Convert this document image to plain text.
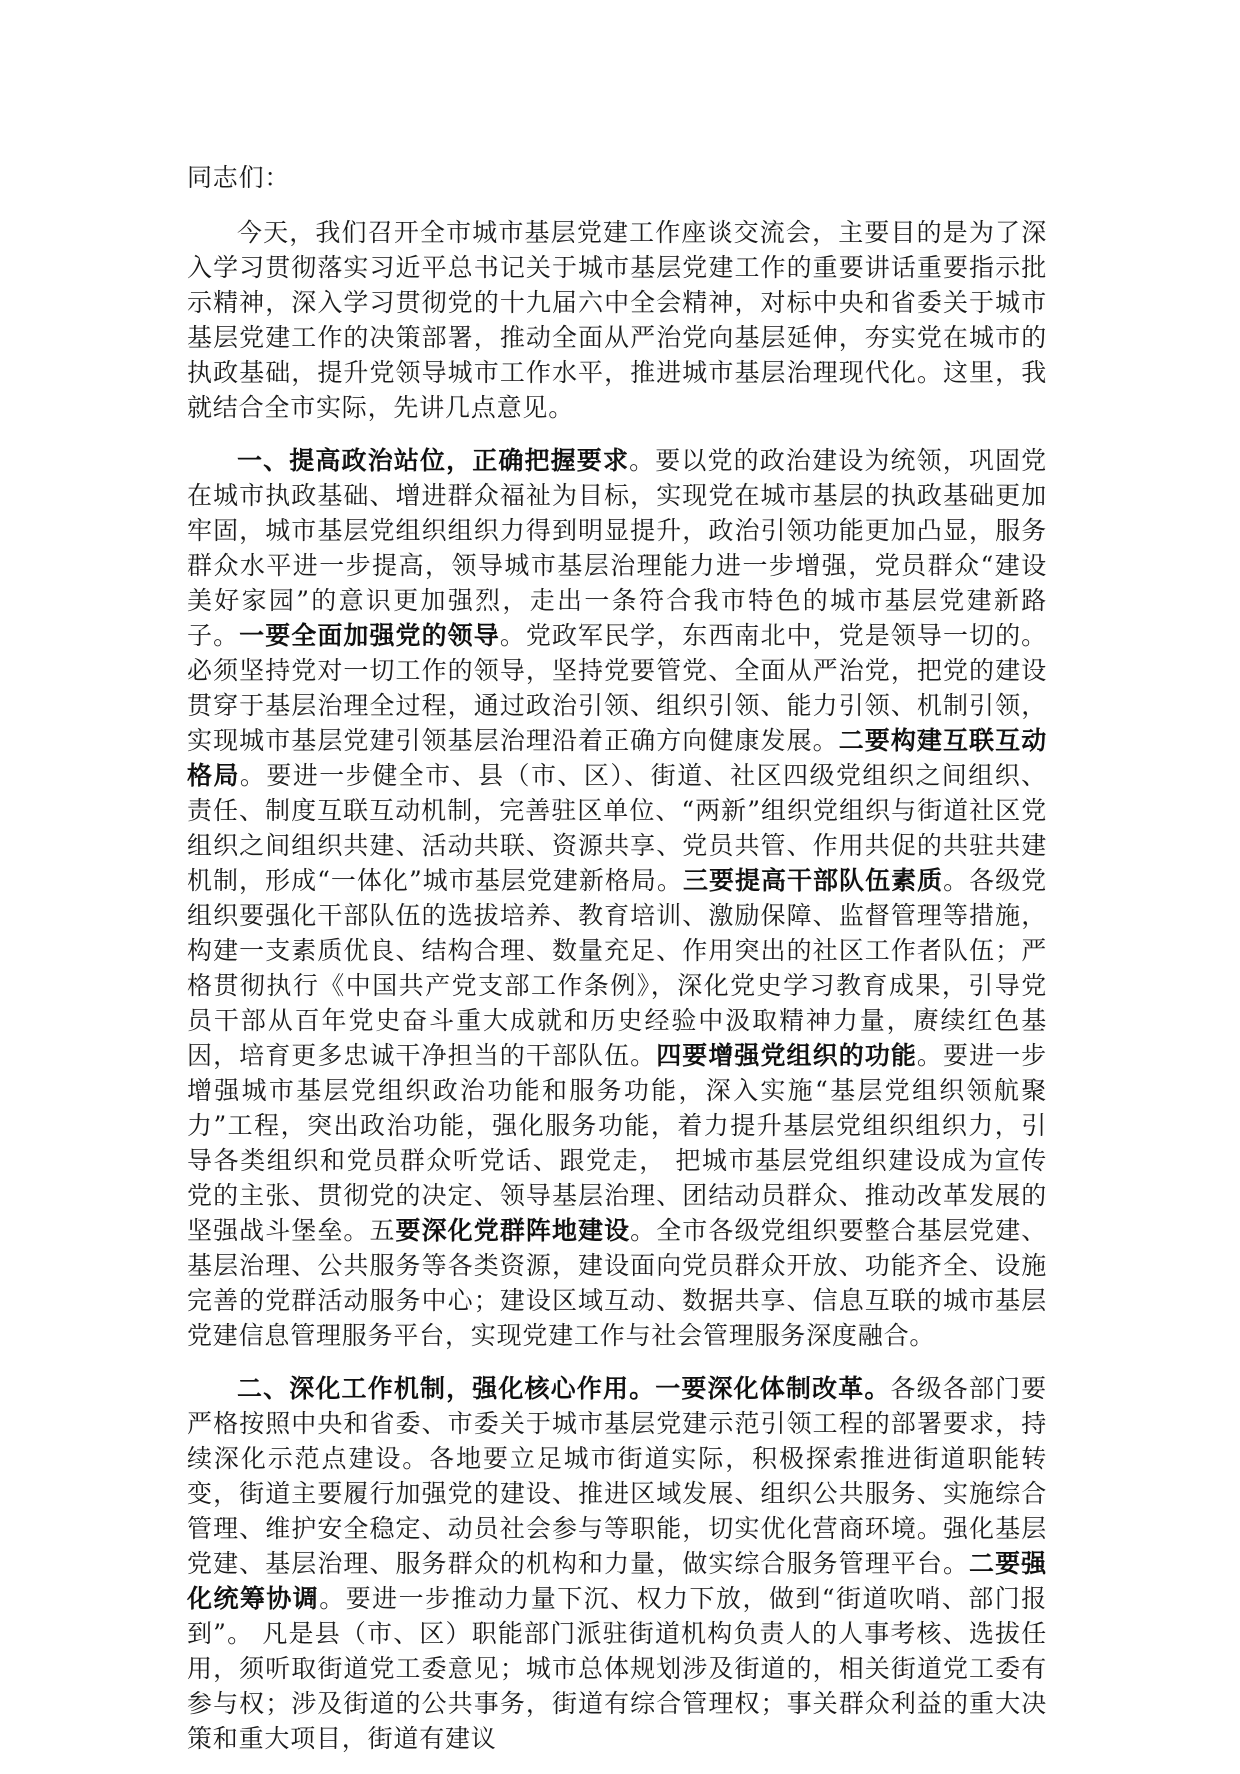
同志们：

今天，我们召开全市城市基层党建工作座谈交流会，主要目的是为了深入学习贯彻落实习近平总书记关于城市基层党建工作的重要讲话重要指示批示精神，深入学习贯彻党的十九届六中全会精神，对标中央和省委关于城市基层党建工作的决策部署，推动全面从严治党向基层延伸，夯实党在城市的执政基础，提升党领导城市工作水平，推进城市基层治理现代化。这里，我就结合全市实际，先讲几点意见。

一、提高政治站位，正确把握要求。要以党的政治建设为统领，巩固党在城市执政基础、增进群众福祉为目标，实现党在城市基层的执政基础更加牢固，城市基层党组织组织力得到明显提升，政治引领功能更加凸显，服务群众水平进一步提高，领导城市基层治理能力进一步增强，党员群众“建设美好家园”的意识更加强烈，走出一条符合我市特色的城市基层党建新路子。一要全面加强党的领导。党政军民学，东西南北中，党是领导一切的。必须坚持党对一切工作的领导，坚持党要管党、全面从严治党，把党的建设贯穿于基层治理全过程，通过政治引领、组织引领、能力引领、机制引领，实现城市基层党建引领基层治理沿着正确方向健康发展。二要构建互联互动格局。要进一步健全市、县（市、区）、街道、社区四级党组织之间组织、责任、制度互联互动机制，完善驻区单位、“两新”组织党组织与街道社区党组织之间组织共建、活动共联、资源共享、党员共管、作用共促的共驻共建机制，形成“一体化”城市基层党建新格局。三要提高干部队伍素质。各级党组织要强化干部队伍的选拔培养、教育培训、激励保障、监督管理等措施，构建一支素质优良、结构合理、数量充足、作用突出的社区工作者队伍；严格贯彻执行《中国共产党支部工作条例》，深化党史学习教育成果，引导党员干部从百年党史奋斗重大成就和历史经验中汲取精神力量，赓续红色基因，培育更多忠诚干净担当的干部队伍。四要增强党组织的功能。要进一步增强城市基层党组织政治功能和服务功能，深入实施“基层党组织领航聚力”工程，突出政治功能，强化服务功能，着力提升基层党组织组织力，引导各类组织和党员群众听党话、跟党走， 把城市基层党组织建设成为宣传党的主张、贯彻党的决定、领导基层治理、团结动员群众、推动改革发展的坚强战斗堡垒。五要深化党群阵地建设。全市各级党组织要整合基层党建、基层治理、公共服务等各类资源，建设面向党员群众开放、功能齐全、设施完善的党群活动服务中心；建设区域互动、数据共享、信息互联的城市基层党建信息管理服务平台，实现党建工作与社会管理服务深度融合。

二、深化工作机制，强化核心作用。一要深化体制改革。各级各部门要严格按照中央和省委、市委关于城市基层党建示范引领工程的部署要求，持续深化示范点建设。各地要立足城市街道实际，积极探索推进街道职能转变，街道主要履行加强党的建设、推进区域发展、组织公共服务、实施综合管理、维护安全稳定、动员社会参与等职能，切实优化营商环境。强化基层党建、基层治理、服务群众的机构和力量，做实综合服务管理平台。二要强化统筹协调。要进一步推动力量下沉、权力下放，做到“街道吹哨、部门报到”。 凡是县（市、区）职能部门派驻街道机构负责人的人事考核、选拔任用，须听取街道党工委意见；城市总体规划涉及街道的，相关街道党工委有参与权；涉及街道的公共事务，街道有综合管理权；事关群众利益的重大决策和重大项目，街道有建议
